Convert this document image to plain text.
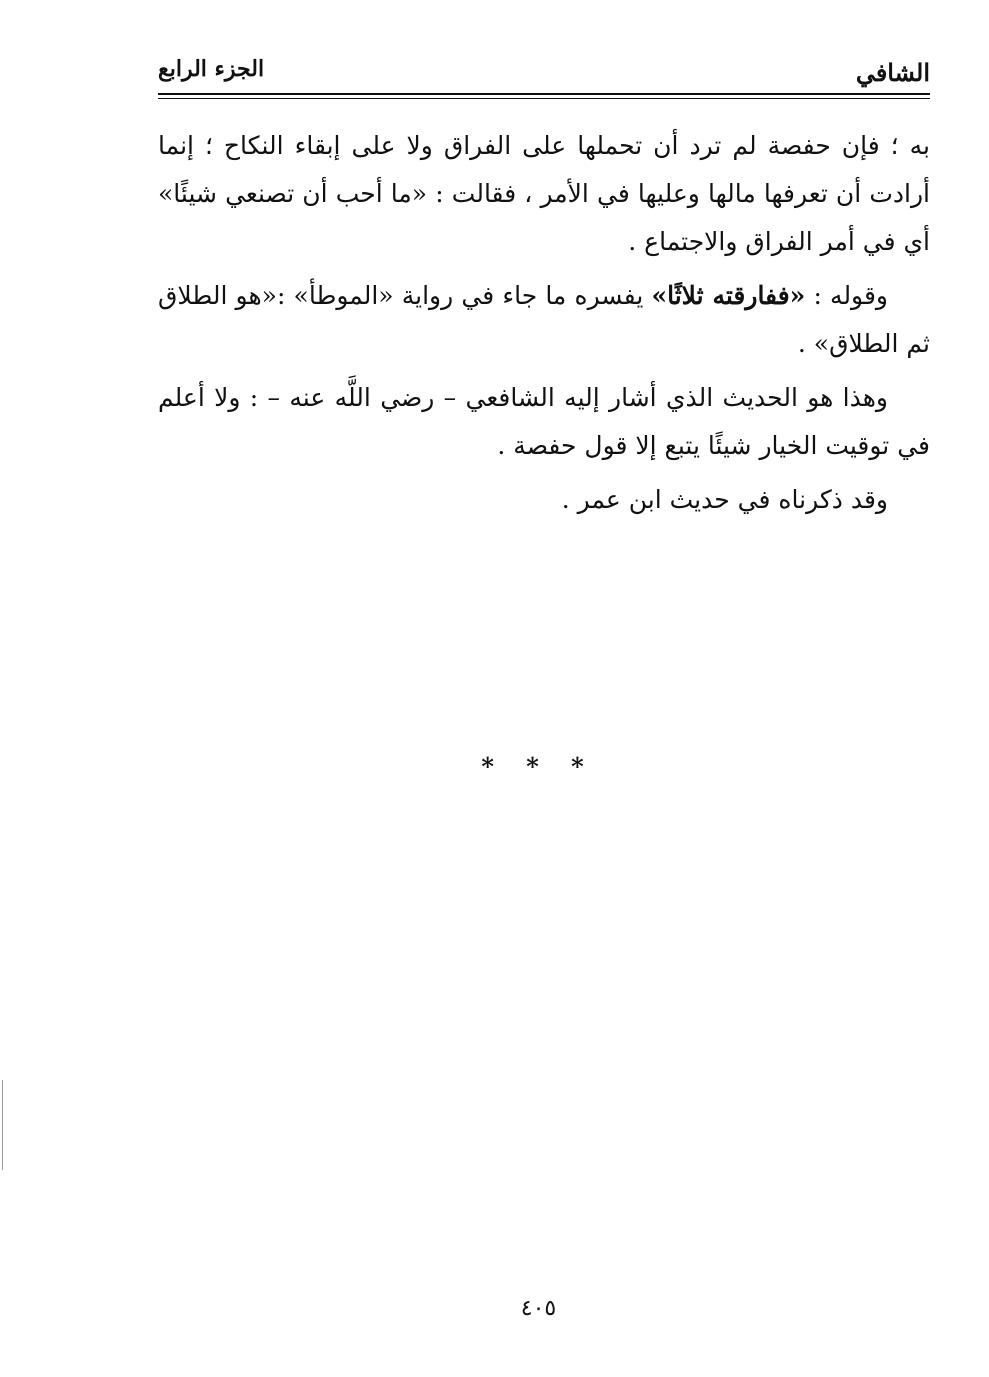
الشافي
الجزء الرابع

به ؛ فإن حفصة لم ترد أن تحملها على الفراق ولا على إبقاء النكاح ؛ إنما أرادت أن تعرفها مالها وعليها في الأمر ، فقالت : «ما أحب أن تصنعي شيئًا» أي في أمر الفراق والاجتماع .

وقوله : «ففارقته ثلاثًا» يفسره ما جاء في رواية «الموطأ» :«هو الطلاق ثم الطلاق» .

وهذا هو الحديث الذي أشار إليه الشافعي – رضي اللَّه عنه – : ولا أعلم في توقيت الخيار شيئًا يتبع إلا قول حفصة .

وقد ذكرناه في حديث ابن عمر .

* * *
٤٠٥
